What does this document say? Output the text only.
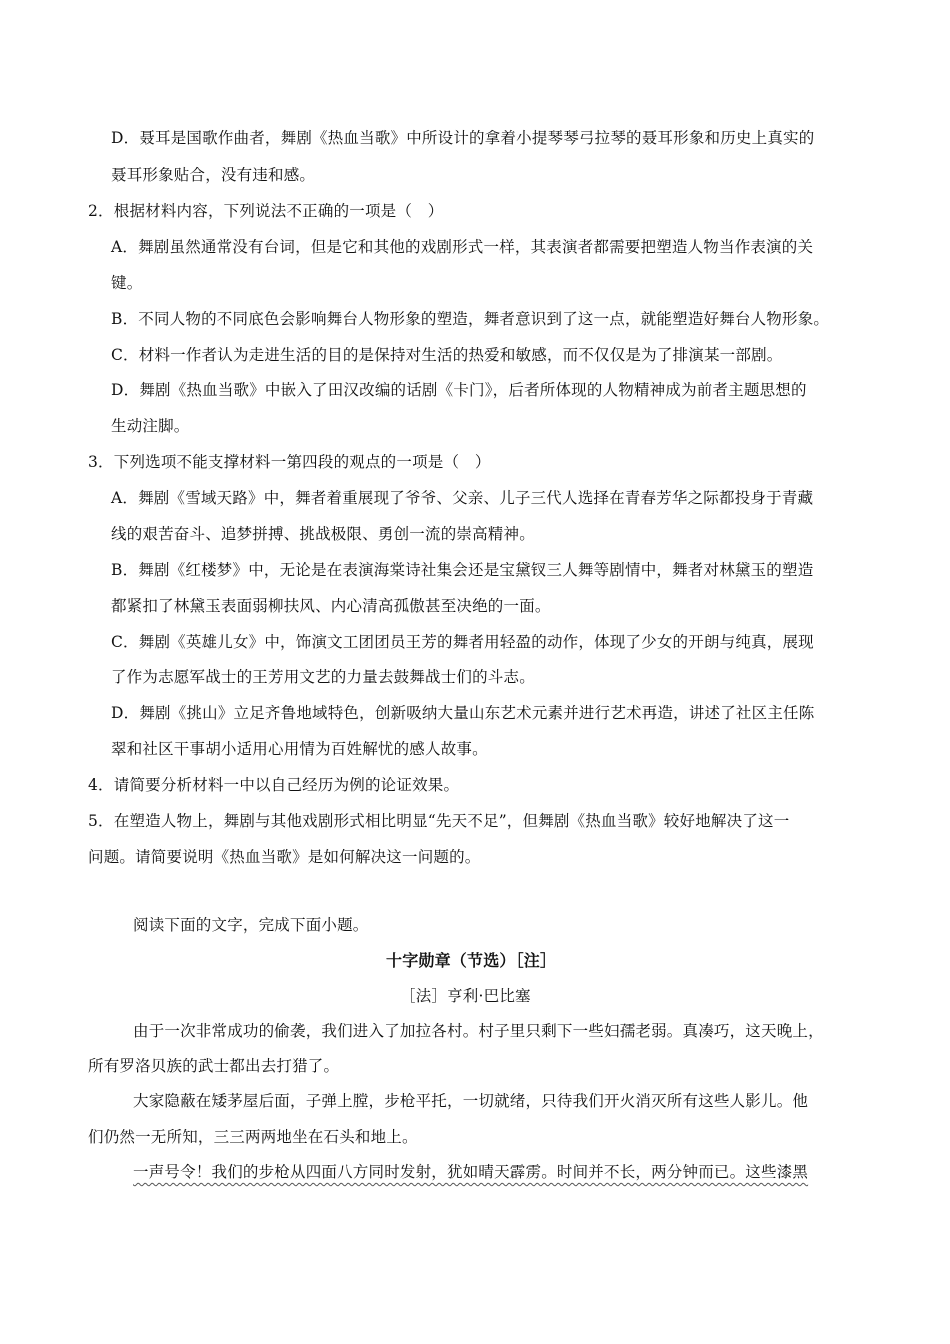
D．聂耳是国歌作曲者，舞剧《热血当歌》中所设计的拿着小提琴琴弓拉琴的聂耳形象和历史上真实的
聂耳形象贴合，没有违和感。
2．根据材料内容，下列说法不正确的一项是（　）
A．舞剧虽然通常没有台词，但是它和其他的戏剧形式一样，其表演者都需要把塑造人物当作表演的关
键。
B．不同人物的不同底色会影响舞台人物形象的塑造，舞者意识到了这一点，就能塑造好舞台人物形象。
C．材料一作者认为走进生活的目的是保持对生活的热爱和敏感，而不仅仅是为了排演某一部剧。
D．舞剧《热血当歌》中嵌入了田汉改编的话剧《卡门》，后者所体现的人物精神成为前者主题思想的
生动注脚。
3．下列选项不能支撑材料一第四段的观点的一项是（　）
A．舞剧《雪域天路》中，舞者着重展现了爷爷、父亲、儿子三代人选择在青春芳华之际都投身于青藏
线的艰苦奋斗、追梦拼搏、挑战极限、勇创一流的崇高精神。
B．舞剧《红楼梦》中，无论是在表演海棠诗社集会还是宝黛钗三人舞等剧情中，舞者对林黛玉的塑造
都紧扣了林黛玉表面弱柳扶风、内心清高孤傲甚至决绝的一面。
C．舞剧《英雄儿女》中，饰演文工团团员王芳的舞者用轻盈的动作，体现了少女的开朗与纯真，展现
了作为志愿军战士的王芳用文艺的力量去鼓舞战士们的斗志。
D．舞剧《挑山》立足齐鲁地域特色，创新吸纳大量山东艺术元素并进行艺术再造，讲述了社区主任陈
翠和社区干事胡小适用心用情为百姓解忧的感人故事。
4．请简要分析材料一中以自己经历为例的论证效果。
5．在塑造人物上，舞剧与其他戏剧形式相比明显“先天不足”，但舞剧《热血当歌》较好地解决了这一
问题。请简要说明《热血当歌》是如何解决这一问题的。
阅读下面的文字，完成下面小题。
十字勋章（节选）［注］
［法］亨利·巴比塞
由于一次非常成功的偷袭，我们进入了加拉各村。村子里只剩下一些妇孺老弱。真凑巧，这天晚上，
所有罗洛贝族的武士都出去打猎了。
大家隐蔽在矮茅屋后面，子弹上膛，步枪平托，一切就绪，只待我们开火消灭所有这些人影儿。他
们仍然一无所知，三三两两地坐在石头和地上。
一声号令！我们的步枪从四面八方同时发射，犹如晴天霹雳。时间并不长，两分钟而已。这些漆黑
